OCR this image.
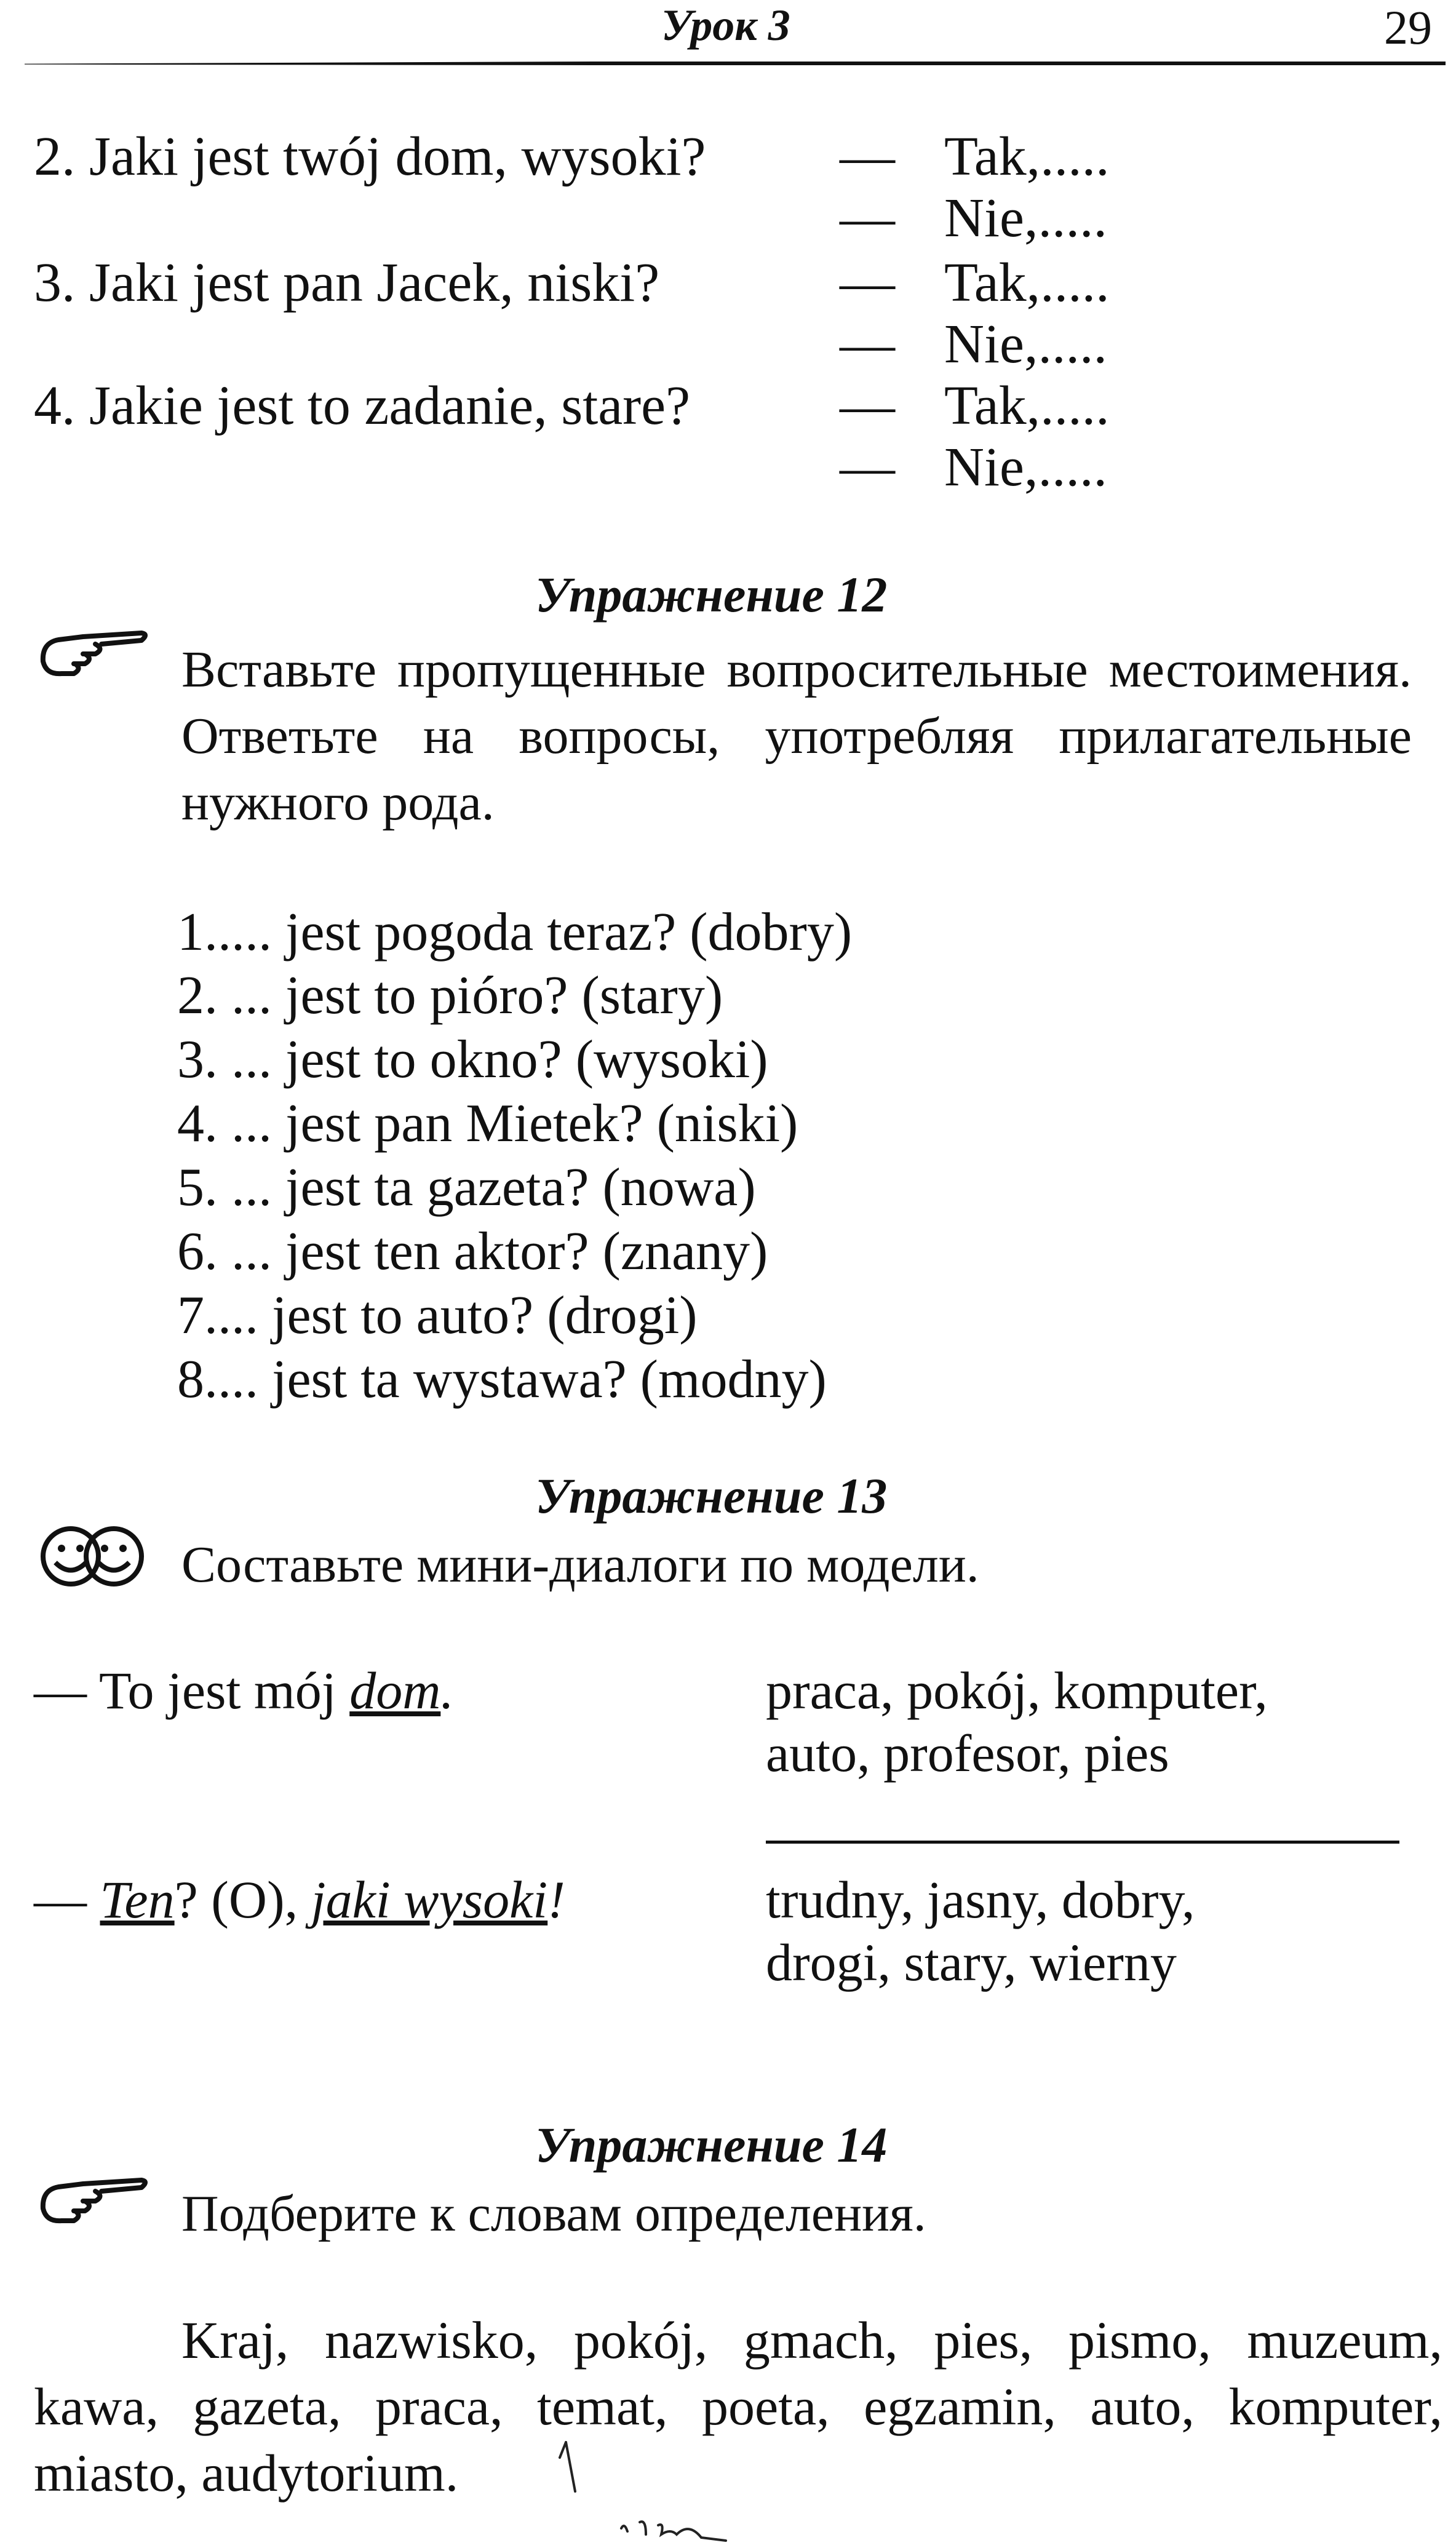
Урок 3	29
2. Jaki jest twój dom, wysoki? — Tak,.....
— Nie,.....
3. Jaki jest pan Jacek, niski?	— Tak,.....
— Nie,.....
4. Jakie jest to zadanie, stare?	— Tak,.....
— Nie,.....
Упражнение 12
Вставьте пропущенные вопросительные местоимения. Ответьте на вопросы, употребляя прилагательные нужного рода.
1..... jest pogoda teraz? (dobry)
2. ... jest to pióro? (stary)
3. ... jest to okno? (wysoki)
4. ... jest pan Mietek? (niski)
5. ... jest ta gazeta? (nowa)
6. ... jest ten aktor? (znany)
7.... jest to auto? (drogi)
8.... jest ta wystawa? (modny)
Упражнение 13
Составьте мини-диалоги по модели.
— To jest mój dom.	praca, pokój, komputer,
auto, profesor, pies
— Ten? (O), jaki wysoki!	trudny, jasny, dobry,
drogi, stary, wierny
Упражнение 14
Подберите к словам определения.
Kraj, nazwisko, pokój, gmach, pies, pismo, muzeum, kawa, gazeta, praca, temat, poeta, egzamin, auto, komputer, miasto, audytorium.
